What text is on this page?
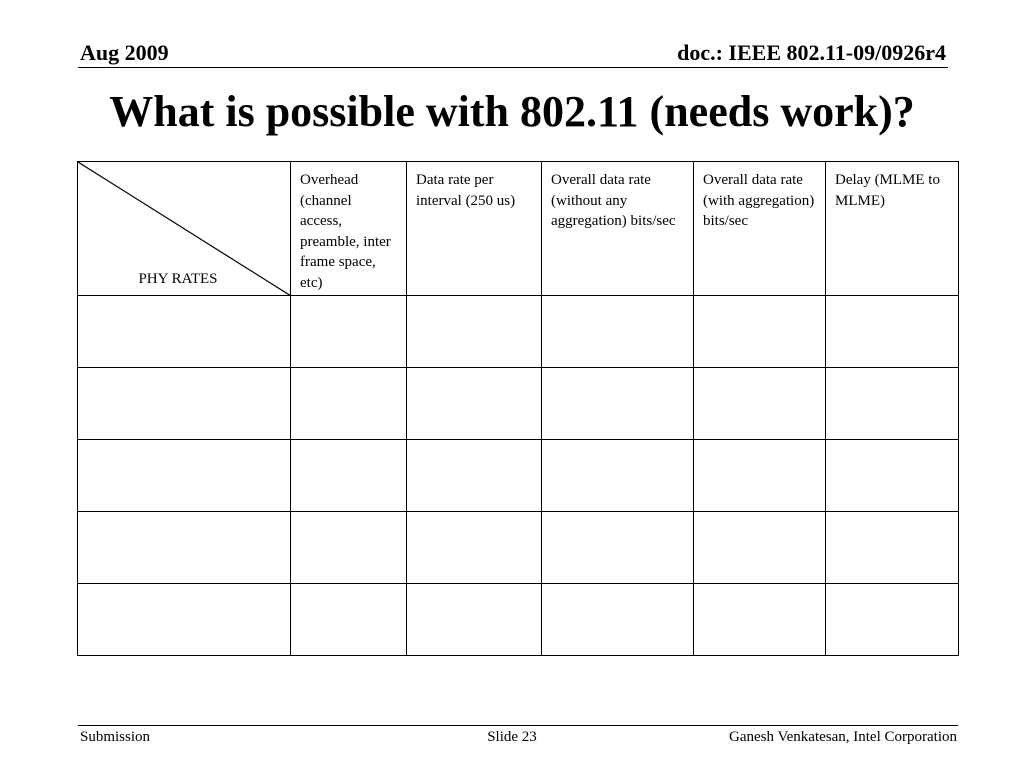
Aug 2009	doc.: IEEE 802.11-09/0926r4
What is possible with 802.11 (needs work)?
PHY RATES	Overhead (channel access, preamble, inter frame space, etc)	Data rate per interval (250 us)	Overall data rate (without any aggregation) bits/sec	Overall data rate (with aggregation) bits/sec	Delay (MLME to MLME)

Submission	Slide 23	Ganesh Venkatesan, Intel Corporation
